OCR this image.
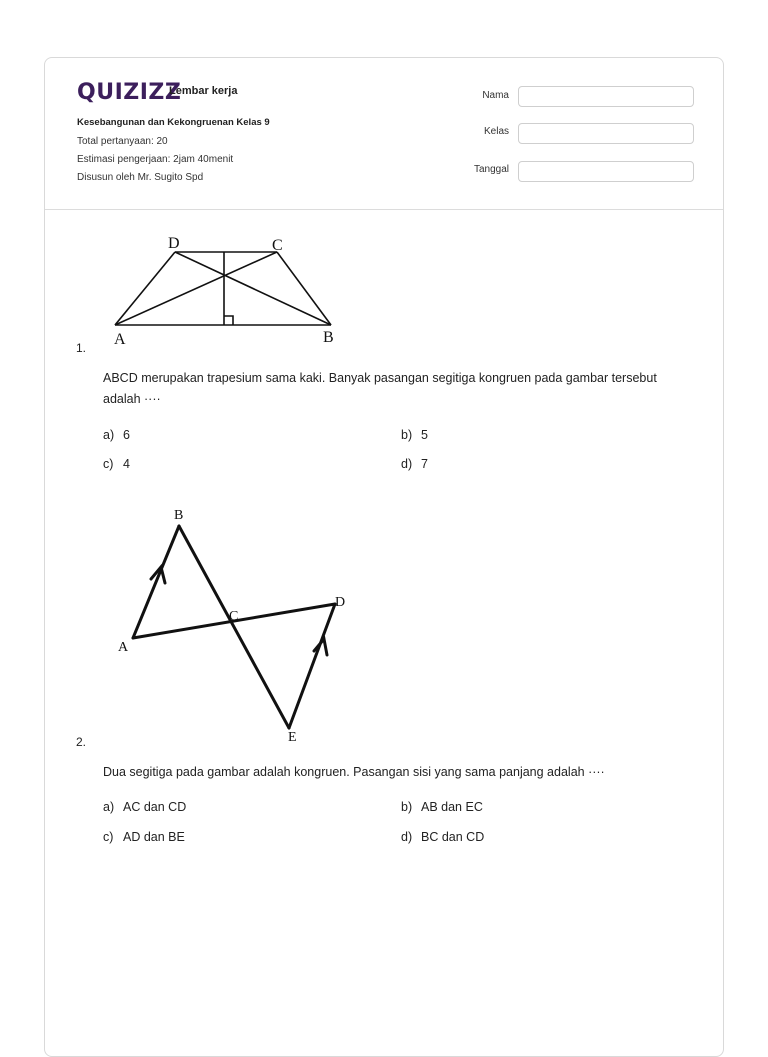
QUIZIZZ
Lembar kerja
Kesebangunan dan Kekongruenan Kelas 9
Total pertanyaan: 20
Estimasi pengerjaan: 2jam 40menit
Disusun oleh Mr. Sugito Spd
Nama
Kelas
Tanggal
D	C
A	B
1.
ABCD merupakan trapesium sama kaki. Banyak pasangan segitiga kongruen pada gambar tersebut adalah ····
a) 6	b) 5
c) 4	d) 7
B
C
D
A
E
2.
Dua segitiga pada gambar adalah kongruen. Pasangan sisi yang sama panjang adalah ····
a) AC dan CD	b) AB dan EC
c) AD dan BE	d) BC dan CD
